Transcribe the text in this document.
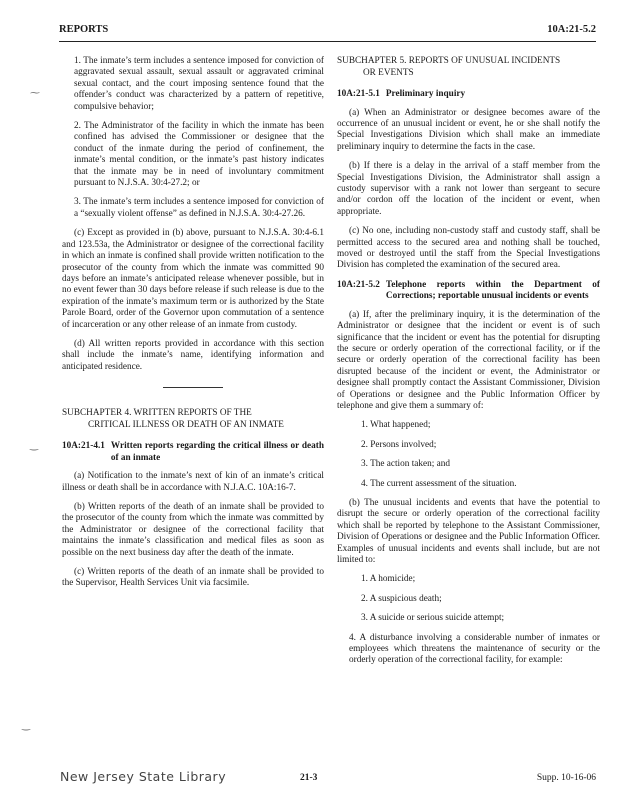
REPORTS	10A:21-5.2

1. The inmate’s term includes a sentence imposed for conviction of aggravated sexual assault, sexual assault or aggravated criminal sexual contact, and the court imposing sentence found that the offender’s conduct was characterized by a pattern of repetitive, compulsive behavior;

2. The Administrator of the facility in which the inmate has been confined has advised the Commissioner or designee that the conduct of the inmate during the period of confinement, the inmate’s mental condition, or the inmate’s past history indicates that the inmate may be in need of involuntary commitment pursuant to N.J.S.A. 30:4-27.2; or

3. The inmate’s term includes a sentence imposed for conviction of a “sexually violent offense” as defined in N.J.S.A. 30:4-27.26.

(c) Except as provided in (b) above, pursuant to N.J.S.A. 30:4-6.1 and 123.53a, the Administrator or designee of the correctional facility in which an inmate is confined shall provide written notification to the prosecutor of the county from which the inmate was committed 90 days before an inmate’s anticipated release whenever possible, but in no event fewer than 30 days before release if such release is due to the expiration of the inmate’s maximum term or is authorized by the State Parole Board, order of the Governor upon commutation of a sentence of incarceration or any other release of an inmate from custody.

(d) All written reports provided in accordance with this section shall include the inmate’s name, identifying information and anticipated residence.

SUBCHAPTER 4. WRITTEN REPORTS OF THE
CRITICAL ILLNESS OR DEATH OF AN INMATE
10A:21-4.1 Written reports regarding the critical illness or death of an inmate

(a) Notification to the inmate’s next of kin of an inmate’s critical illness or death shall be in accordance with N.J.A.C. 10A:16-7.

(b) Written reports of the death of an inmate shall be provided to the prosecutor of the county from which the inmate was committed by the Administrator or designee of the correctional facility that maintains the inmate’s classification and medical files as soon as possible on the next business day after the death of the inmate.

(c) Written reports of the death of an inmate shall be provided to the Supervisor, Health Services Unit via facsimile.

SUBCHAPTER 5. REPORTS OF UNUSUAL INCIDENTS
OR EVENTS
10A:21-5.1 Preliminary inquiry

(a) When an Administrator or designee becomes aware of the occurrence of an unusual incident or event, he or she shall notify the Special Investigations Division which shall make an immediate preliminary inquiry to determine the facts in the case.

(b) If there is a delay in the arrival of a staff member from the Special Investigations Division, the Administrator shall assign a custody supervisor with a rank not lower than sergeant to secure and/or cordon off the location of the incident or event, when appropriate.

(c) No one, including non-custody staff and custody staff, shall be permitted access to the secured area and nothing shall be touched, moved or destroyed until the staff from the Special Investigations Division has completed the examination of the secured area.

10A:21-5.2 Telephone reports within the Department of Corrections; reportable unusual incidents or events

(a) If, after the preliminary inquiry, it is the determination of the Administrator or designee that the incident or event is of such significance that the incident or event has the potential for disrupting the secure or orderly operation of the correctional facility, or if the secure or orderly operation of the correctional facility has been disrupted because of the incident or event, the Administrator or designee shall promptly contact the Assistant Commissioner, Division of Operations or designee and the Public Information Officer by telephone and give them a summary of:

1. What happened;
2. Persons involved;
3. The action taken; and
4. The current assessment of the situation.

(b) The unusual incidents and events that have the potential to disrupt the secure or orderly operation of the correctional facility which shall be reported by telephone to the Assistant Commissioner, Division of Operations or designee and the Public Information Officer. Examples of unusual incidents and events shall include, but are not limited to:

1. A homicide;
2. A suspicious death;
3. A suicide or serious suicide attempt;

4. A disturbance involving a considerable number of inmates or employees which threatens the maintenance of security or the orderly operation of the correctional facility, for example:

⁓
‿
‿
New Jersey State Library	21-3	Supp. 10-16-06
